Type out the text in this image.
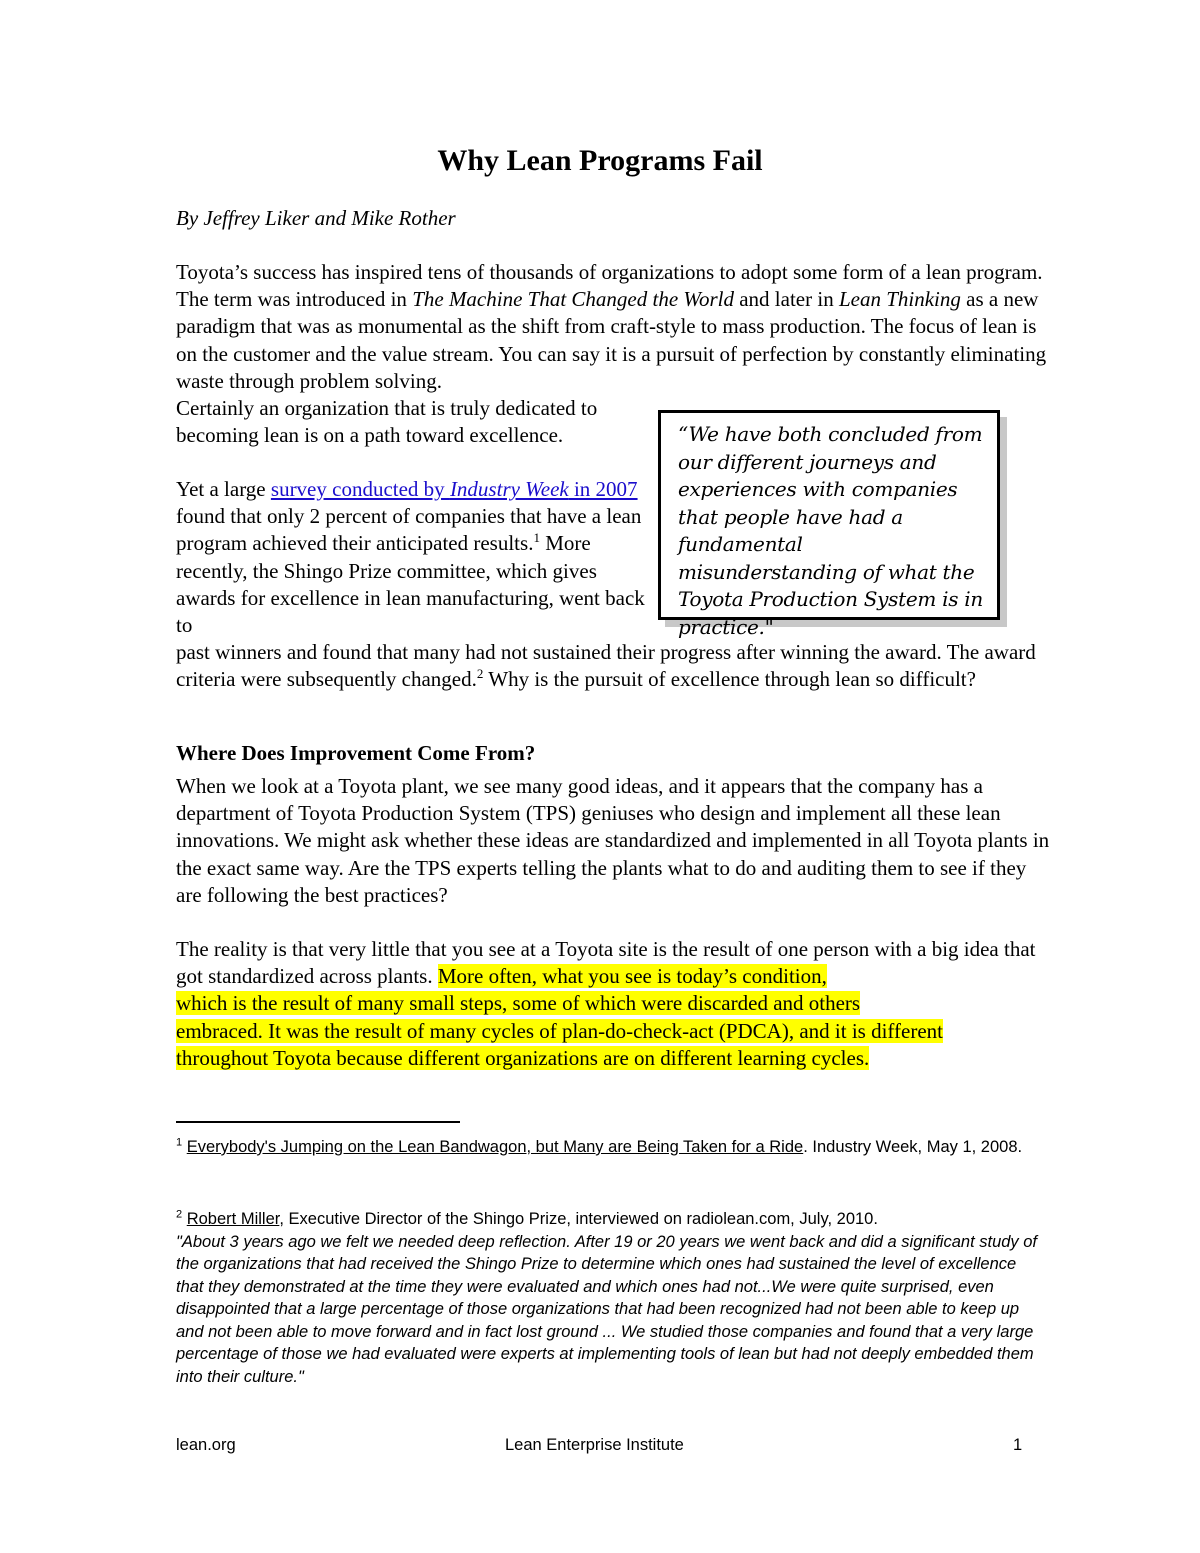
Why Lean Programs Fail
By Jeffrey Liker and Mike Rother
Toyota’s success has inspired tens of thousands of organizations to adopt some form of a lean program. The term was introduced in The Machine That Changed the World and later in Lean Thinking as a new paradigm that was as monumental as the shift from craft-style to mass production. The focus of lean is on the customer and the value stream. You can say it is a pursuit of perfection by constantly eliminating waste through problem solving.
Certainly an organization that is truly dedicated to becoming lean is on a path toward excellence.
Yet a large survey conducted by Industry Week in 2007 found that only 2 percent of companies that have a lean program achieved their anticipated results.$^1$ More recently, the Shingo Prize committee, which gives awards for excellence in lean manufacturing, went back to
past winners and found that many had not sustained their progress after winning the award. The award criteria were subsequently changed.$^2$ Why is the pursuit of excellence through lean so difficult?
“We have both concluded from our different journeys and experiences with companies that people have had a fundamental misunderstanding of what the Toyota Production System is in practice."
Where Does Improvement Come From?
When we look at a Toyota plant, we see many good ideas, and it appears that the company has a department of Toyota Production System (TPS) geniuses who design and implement all these lean innovations. We might ask whether these ideas are standardized and implemented in all Toyota plants in the exact same way. Are the TPS experts telling the plants what to do and auditing them to see if they are following the best practices?
The reality is that very little that you see at a Toyota site is the result of one person with a big idea that got standardized across plants. More often, what you see is today’s condition,
which is the result of many small steps, some of which were discarded and others
embraced. It was the result of many cycles of plan-do-check-act (PDCA), and it is different
throughout Toyota because different organizations are on different learning cycles.
$^1$ Everybody's Jumping on the Lean Bandwagon, but Many are Being Taken for a Ride. Industry Week, May 1, 2008.
$^2$ Robert Miller, Executive Director of the Shingo Prize, interviewed on radiolean.com, July, 2010.
"About 3 years ago we felt we needed deep reflection. After 19 or 20 years we went back and did a significant study of the organizations that had received the Shingo Prize to determine which ones had sustained the level of excellence that they demonstrated at the time they were evaluated and which ones had not...We were quite surprised, even disappointed that a large percentage of those organizations that had been recognized had not been able to keep up and not been able to move forward and in fact lost ground ... We studied those companies and found that a very large percentage of those we had evaluated were experts at implementing tools of lean but had not deeply embedded them into their culture."
lean.org	Lean Enterprise Institute	1
